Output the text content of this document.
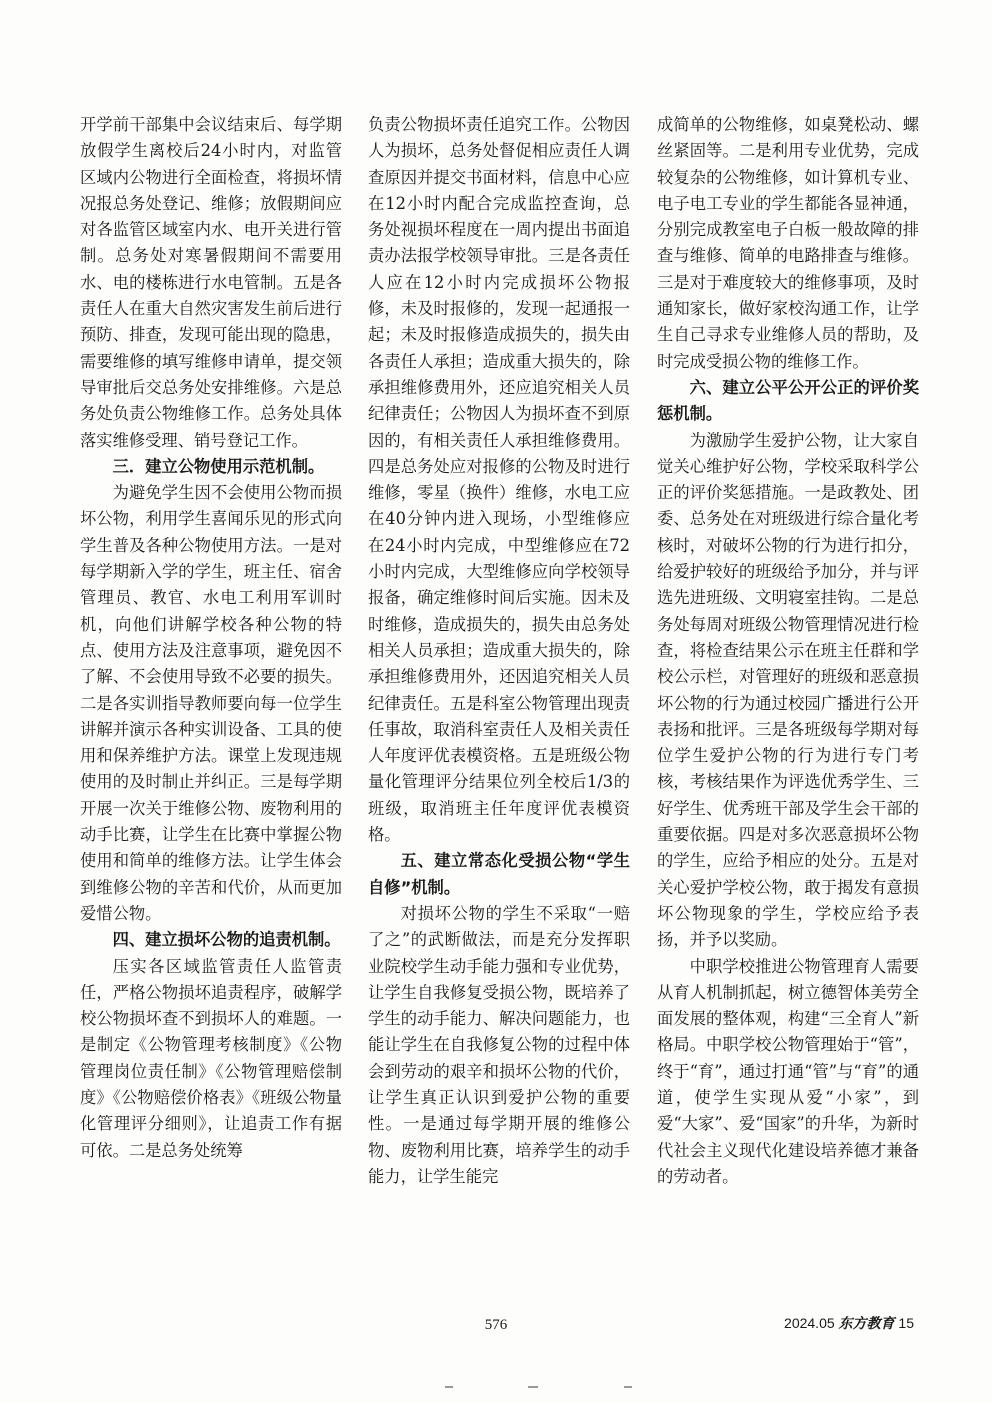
开学前干部集中会议结束后、每学期放假学生离校后24小时内，对监管区域内公物进行全面检查，将损坏情况报总务处登记、维修；放假期间应对各监管区域室内水、电开关进行管制。总务处对寒暑假期间不需要用水、电的楼栋进行水电管制。五是各责任人在重大自然灾害发生前后进行预防、排查，发现可能出现的隐患，需要维修的填写维修申请单，提交领导审批后交总务处安排维修。六是总务处负责公物维修工作。总务处具体落实维修受理、销号登记工作。

三．建立公物使用示范机制。

为避免学生因不会使用公物而损坏公物，利用学生喜闻乐见的形式向学生普及各种公物使用方法。一是对每学期新入学的学生，班主任、宿舍管理员、教官、水电工利用军训时机，向他们讲解学校各种公物的特点、使用方法及注意事项，避免因不了解、不会使用导致不必要的损失。二是各实训指导教师要向每一位学生讲解并演示各种实训设备、工具的使用和保养维护方法。课堂上发现违规使用的及时制止并纠正。三是每学期开展一次关于维修公物、废物利用的动手比赛，让学生在比赛中掌握公物使用和简单的维修方法。让学生体会到维修公物的辛苦和代价，从而更加爱惜公物。

四、建立损坏公物的追责机制。

压实各区域监管责任人监管责任，严格公物损坏追责程序，破解学校公物损坏查不到损坏人的难题。一是制定《公物管理考核制度》《公物管理岗位责任制》《公物管理赔偿制度》《公物赔偿价格表》《班级公物量化管理评分细则》，让追责工作有据可依。二是总务处统筹

负责公物损坏责任追究工作。公物因人为损坏，总务处督促相应责任人调查原因并提交书面材料，信息中心应在12小时内配合完成监控查询，总务处视损坏程度在一周内提出书面追责办法报学校领导审批。三是各责任人应在12小时内完成损坏公物报修，未及时报修的，发现一起通报一起；未及时报修造成损失的，损失由各责任人承担；造成重大损失的，除承担维修费用外，还应追究相关人员纪律责任；公物因人为损坏查不到原因的，有相关责任人承担维修费用。四是总务处应对报修的公物及时进行维修，零星（换件）维修，水电工应在40分钟内进入现场，小型维修应在24小时内完成，中型维修应在72小时内完成，大型维修应向学校领导报备，确定维修时间后实施。因未及时维修，造成损失的，损失由总务处相关人员承担；造成重大损失的，除承担维修费用外，还因追究相关人员纪律责任。五是科室公物管理出现责任事故，取消科室责任人及相关责任人年度评优表模资格。五是班级公物量化管理评分结果位列全校后1/3的班级，取消班主任年度评优表模资格。

五、建立常态化受损公物“学生自修”机制。

对损坏公物的学生不采取“一赔了之”的武断做法，而是充分发挥职业院校学生动手能力强和专业优势，让学生自我修复受损公物，既培养了学生的动手能力、解决问题能力，也能让学生在自我修复公物的过程中体会到劳动的艰辛和损坏公物的代价，让学生真正认识到爱护公物的重要性。一是通过每学期开展的维修公物、废物利用比赛，培养学生的动手能力，让学生能完

成简单的公物维修，如桌凳松动、螺丝紧固等。二是利用专业优势，完成较复杂的公物维修，如计算机专业、电子电工专业的学生都能各显神通，分别完成教室电子白板一般故障的排查与维修、简单的电路排查与维修。三是对于难度较大的维修事项，及时通知家长，做好家校沟通工作，让学生自己寻求专业维修人员的帮助，及时完成受损公物的维修工作。

六、建立公平公开公正的评价奖惩机制。

为激励学生爱护公物，让大家自觉关心维护好公物，学校采取科学公正的评价奖惩措施。一是政教处、团委、总务处在对班级进行综合量化考核时，对破坏公物的行为进行扣分，给爱护较好的班级给予加分，并与评选先进班级、文明寝室挂钩。二是总务处每周对班级公物管理情况进行检查，将检查结果公示在班主任群和学校公示栏，对管理好的班级和恶意损坏公物的行为通过校园广播进行公开表扬和批评。三是各班级每学期对每位学生爱护公物的行为进行专门考核，考核结果作为评选优秀学生、三好学生、优秀班干部及学生会干部的重要依据。四是对多次恶意损坏公物的学生，应给予相应的处分。五是对关心爱护学校公物，敢于揭发有意损坏公物现象的学生，学校应给予表扬，并予以奖励。

中职学校推进公物管理育人需要从育人机制抓起，树立德智体美劳全面发展的整体观，构建“三全育人”新格局。中职学校公物管理始于“管”，终于“育”，通过打通“管”与“育”的通道，使学生实现从爱“小家”，到爱“大家”、爱“国家”的升华，为新时代社会主义现代化建设培养德才兼备的劳动者。

576	2024.05 东方教育 15
